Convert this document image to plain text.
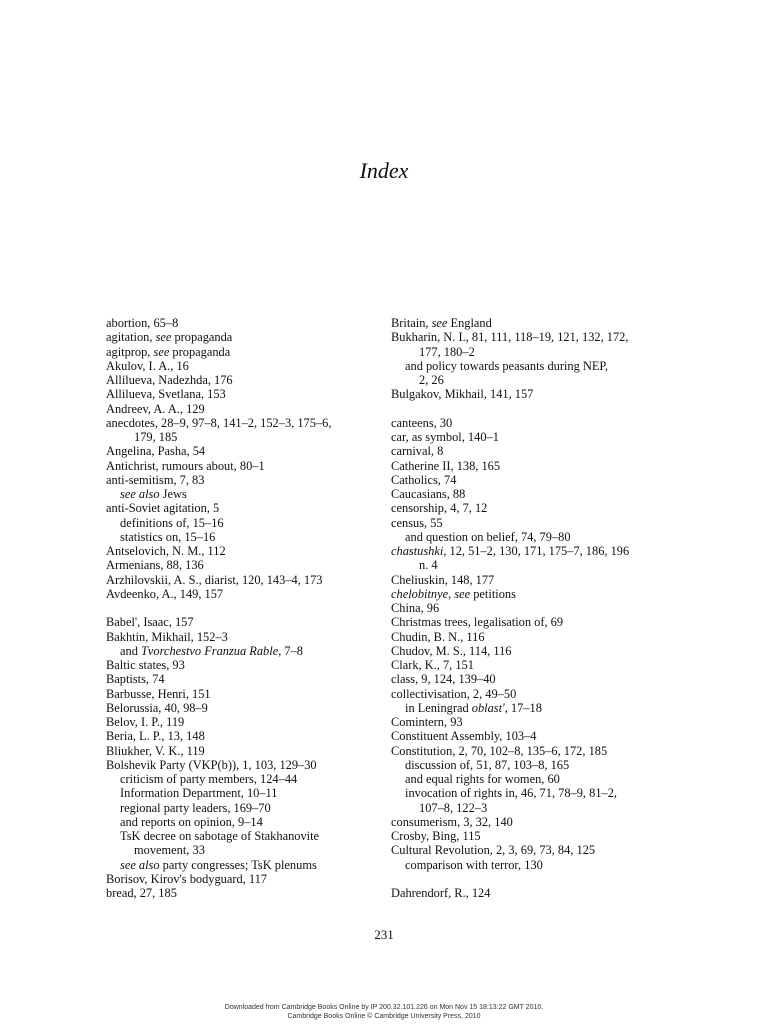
Index
abortion, 65–8
agitation, see propaganda
agitprop, see propaganda
Akulov, I. A., 16
Allilueva, Nadezhda, 176
Allilueva, Svetlana, 153
Andreev, A. A., 129
anecdotes, 28–9, 97–8, 141–2, 152–3, 175–6,
179, 185
Angelina, Pasha, 54
Antichrist, rumours about, 80–1
anti-semitism, 7, 83
see also Jews
anti-Soviet agitation, 5
definitions of, 15–16
statistics on, 15–16
Antselovich, N. M., 112
Armenians, 88, 136
Arzhilovskii, A. S., diarist, 120, 143–4, 173
Avdeenko, A., 149, 157
Babel', Isaac, 157
Bakhtin, Mikhail, 152–3
and Tvorchestvo Franzua Rable, 7–8
Baltic states, 93
Baptists, 74
Barbusse, Henri, 151
Belorussia, 40, 98–9
Belov, I. P., 119
Beria, L. P., 13, 148
Bliukher, V. K., 119
Bolshevik Party (VKP(b)), 1, 103, 129–30
criticism of party members, 124–44
Information Department, 10–11
regional party leaders, 169–70
and reports on opinion, 9–14
TsK decree on sabotage of Stakhanovite
movement, 33
see also party congresses; TsK plenums
Borisov, Kirov's bodyguard, 117
bread, 27, 185
Britain, see England
Bukharin, N. I., 81, 111, 118–19, 121, 132, 172,
177, 180–2
and policy towards peasants during NEP,
2, 26
Bulgakov, Mikhail, 141, 157
canteens, 30
car, as symbol, 140–1
carnival, 8
Catherine II, 138, 165
Catholics, 74
Caucasians, 88
censorship, 4, 7, 12
census, 55
and question on belief, 74, 79–80
chastushki, 12, 51–2, 130, 171, 175–7, 186, 196
n. 4
Cheliuskin, 148, 177
chelobitnye, see petitions
China, 96
Christmas trees, legalisation of, 69
Chudin, B. N., 116
Chudov, M. S., 114, 116
Clark, K., 7, 151
class, 9, 124, 139–40
collectivisation, 2, 49–50
in Leningrad oblast', 17–18
Comintern, 93
Constituent Assembly, 103–4
Constitution, 2, 70, 102–8, 135–6, 172, 185
discussion of, 51, 87, 103–8, 165
and equal rights for women, 60
invocation of rights in, 46, 71, 78–9, 81–2,
107–8, 122–3
consumerism, 3, 32, 140
Crosby, Bing, 115
Cultural Revolution, 2, 3, 69, 73, 84, 125
comparison with terror, 130
Dahrendorf, R., 124
231
Downloaded from Cambridge Books Online by IP 200.32.101.226 on Mon Nov 15 18:13:22 GMT 2010.
Cambridge Books Online © Cambridge University Press, 2010
